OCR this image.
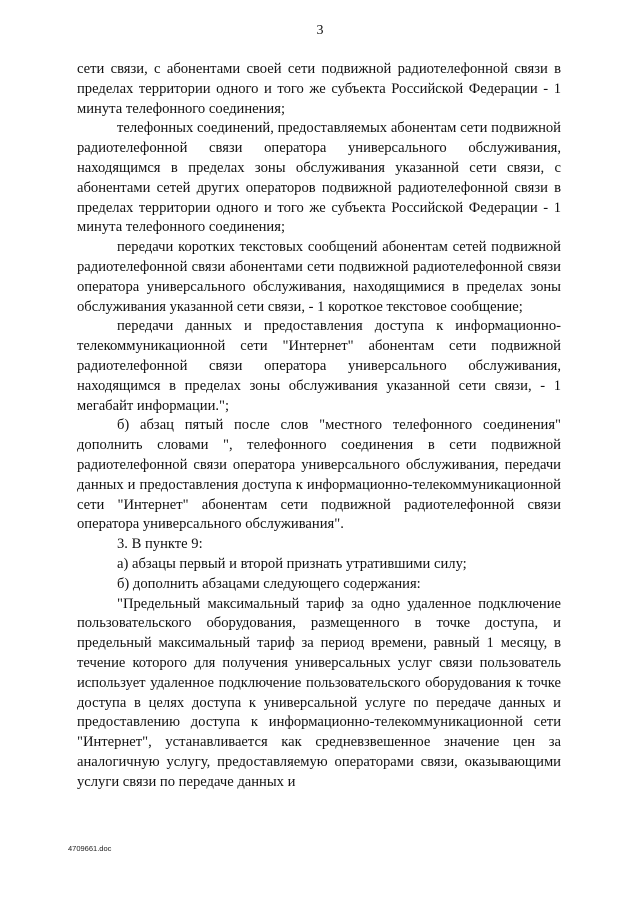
3

сети связи, с абонентами своей сети подвижной радиотелефонной связи в пределах территории одного и того же субъекта Российской Федерации - 1 минута телефонного соединения;

телефонных соединений, предоставляемых абонентам сети подвижной радиотелефонной связи оператора универсального обслуживания, находящимся в пределах зоны обслуживания указанной сети связи, с абонентами сетей других операторов подвижной радиотелефонной связи в пределах территории одного и того же субъекта Российской Федерации - 1 минута телефонного соединения;

передачи коротких текстовых сообщений абонентам сетей подвижной радиотелефонной связи абонентами сети подвижной радиотелефонной связи оператора универсального обслуживания, находящимися в пределах зоны обслуживания указанной сети связи, - 1 короткое текстовое сообщение;

передачи данных и предоставления доступа к информационно-телекоммуникационной сети "Интернет" абонентам сети подвижной радиотелефонной связи оператора универсального обслуживания, находящимся в пределах зоны обслуживания указанной сети связи, - 1 мегабайт информации.";

б) абзац пятый после слов "местного телефонного соединения" дополнить словами ", телефонного соединения в сети подвижной радиотелефонной связи оператора универсального обслуживания, передачи данных и предоставления доступа к информационно-телекоммуникационной сети "Интернет" абонентам сети подвижной радиотелефонной связи оператора универсального обслуживания".

3. В пункте 9:

а) абзацы первый и второй признать утратившими силу;

б) дополнить абзацами следующего содержания:

"Предельный максимальный тариф за одно удаленное подключение пользовательского оборудования, размещенного в точке доступа, и предельный максимальный тариф за период времени, равный 1 месяцу, в течение которого для получения универсальных услуг связи пользователь использует удаленное подключение пользовательского оборудования к точке доступа в целях доступа к универсальной услуге по передаче данных и предоставлению доступа к информационно-телекоммуникационной сети "Интернет", устанавливается как средневзвешенное значение цен за аналогичную услугу, предоставляемую операторами связи, оказывающими услуги связи по передаче данных и

4709661.doc
